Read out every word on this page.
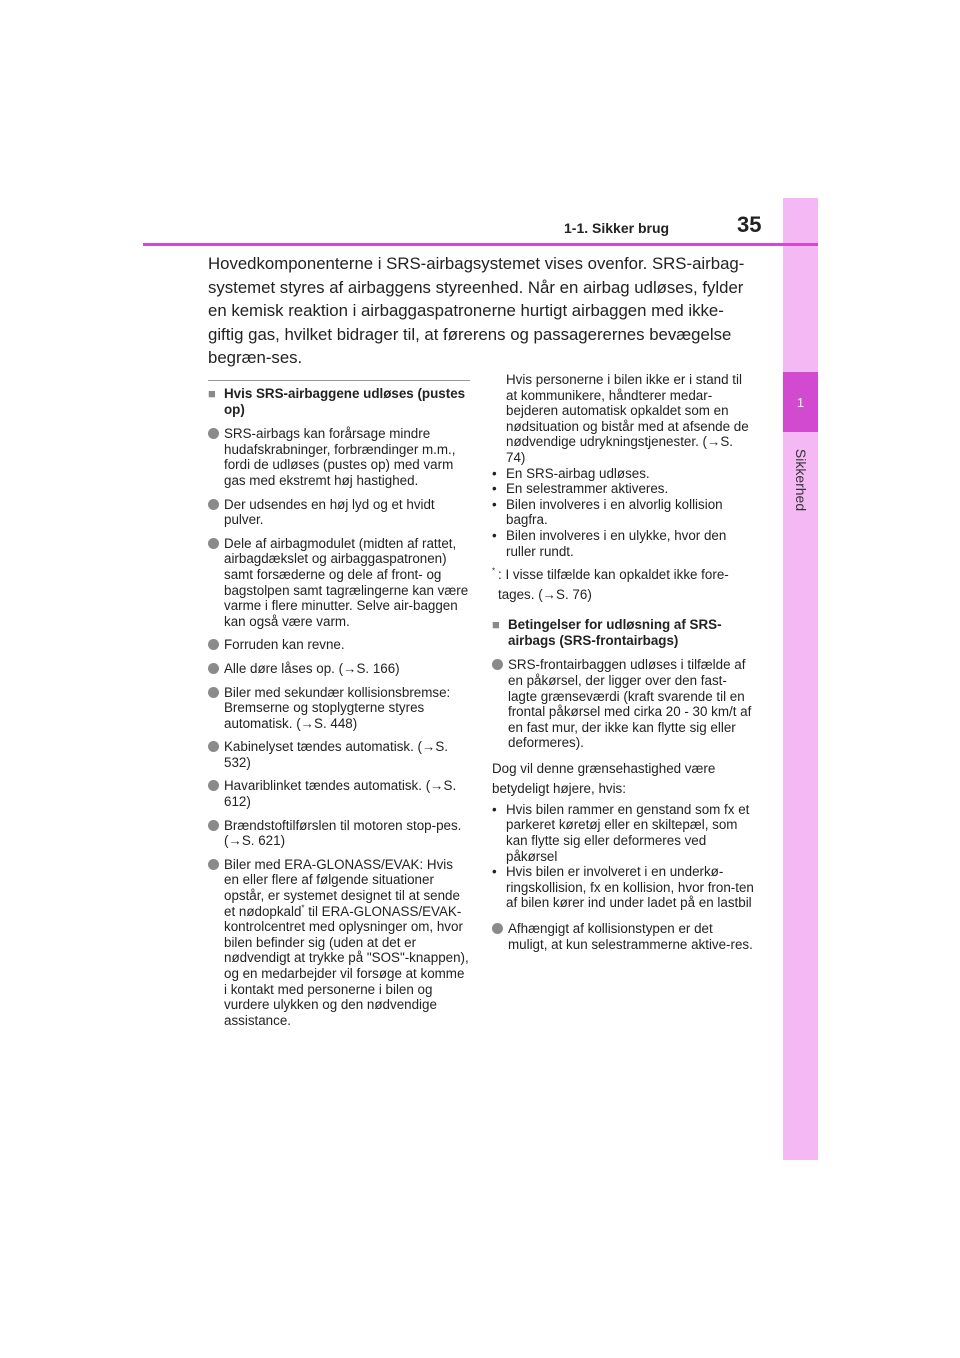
1
Sikkerhed
1-1. Sikker brug	35

Hovedkomponenterne i SRS-airbagsystemet vises ovenfor. SRS-airbag-systemet styres af airbaggens styreenhed. Når en airbag udløses, fylder en kemisk reaktion i airbaggaspatronerne hurtigt airbaggen med ikke-giftig gas, hvilket bidrager til, at førerens og passagerernes bevægelse begræn-ses.

■ Hvis SRS-airbaggene udløses (pustes op)
SRS-airbags kan forårsage mindre hudafskrabninger, forbrændinger m.m., fordi de udløses (pustes op) med varm gas med ekstremt høj hastighed.
Der udsendes en høj lyd og et hvidt pulver.
Dele af airbagmodulet (midten af rattet, airbagdækslet og airbaggaspatronen) samt forsæderne og dele af front- og bagstolpen samt tagrælingerne kan være varme i flere minutter. Selve air-baggen kan også være varm.
Forruden kan revne.
Alle døre låses op. (→S. 166)
Biler med sekundær kollisionsbremse: Bremserne og stoplygterne styres automatisk. (→S. 448)
Kabinelyset tændes automatisk. (→S. 532)
Havariblinket tændes automatisk. (→S. 612)
Brændstoftilførslen til motoren stop-pes. (→S. 621)
Biler med ERA-GLONASS/EVAK: Hvis en eller flere af følgende situationer opstår, er systemet designet til at sende et nødopkald* til ERA-GLONASS/EVAK-kontrolcentret med oplysninger om, hvor bilen befinder sig (uden at det er nødvendigt at trykke på "SOS"-knappen), og en medarbejder vil forsøge at komme i kontakt med personerne i bilen og vurdere ulykken og den nødvendige assistance.
Hvis personerne i bilen ikke er i stand til at kommunikere, håndterer medar-bejderen automatisk opkaldet som en nødsituation og bistår med at afsende de nødvendige udrykningstjenester. (→S. 74)
• En SRS-airbag udløses.
• En selestrammer aktiveres.
• Bilen involveres i en alvorlig kollision bagfra.
• Bilen involveres i en ulykke, hvor den ruller rundt.
* : I visse tilfælde kan opkaldet ikke fore-tages. (→S. 76)
■ Betingelser for udløsning af SRS-airbags (SRS-frontairbags)
SRS-frontairbaggen udløses i tilfælde af en påkørsel, der ligger over den fast-lagte grænseværdi (kraft svarende til en frontal påkørsel med cirka 20 - 30 km/t af en fast mur, der ikke kan flytte sig eller deformeres).
Dog vil denne grænsehastighed være betydeligt højere, hvis:
• Hvis bilen rammer en genstand som fx et parkeret køretøj eller en skiltepæl, som kan flytte sig eller deformeres ved påkørsel
• Hvis bilen er involveret i en underkø-ringskollision, fx en kollision, hvor fron-ten af bilen kører ind under ladet på en lastbil
Afhængigt af kollisionstypen er det muligt, at kun selestrammerne aktive-res.
